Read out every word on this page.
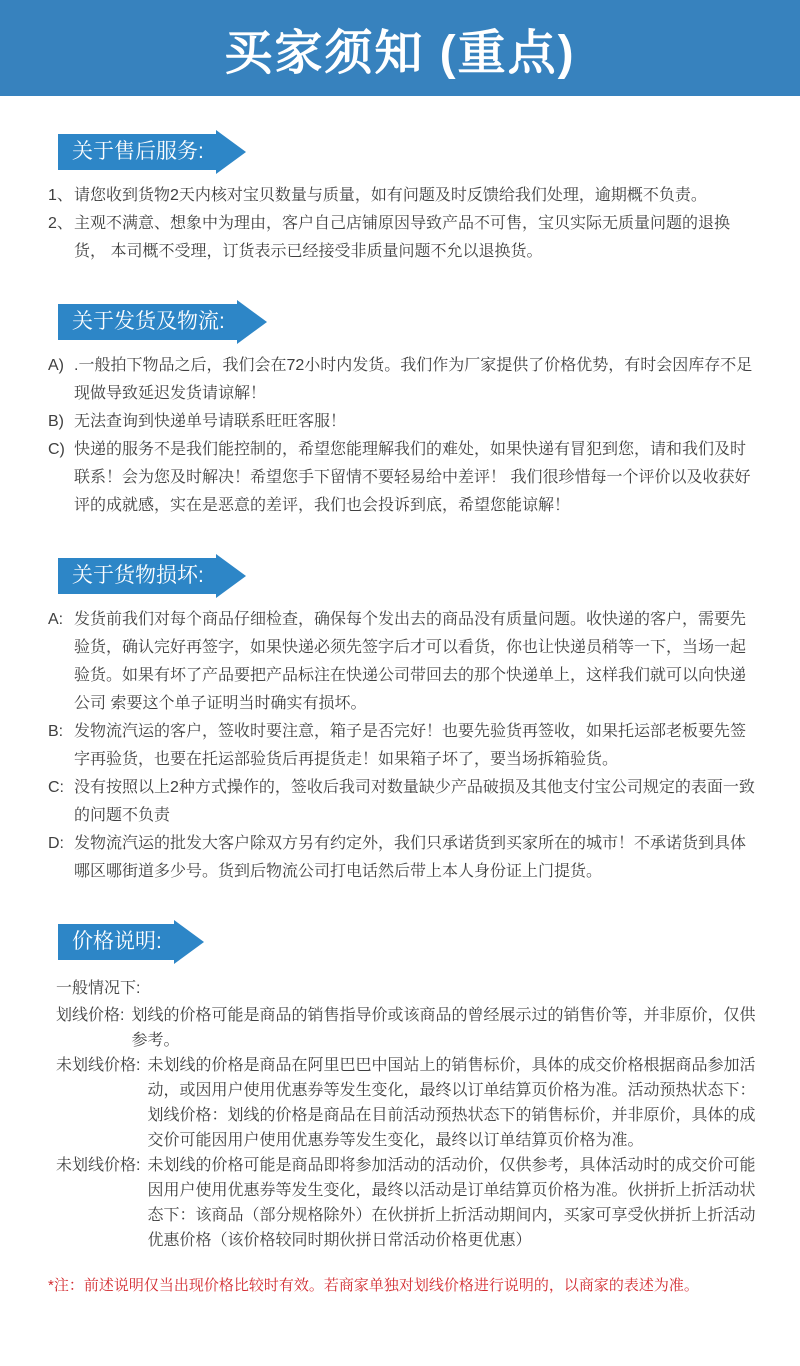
买家须知 (重点)
关于售后服务:
1、 请您收到货物2天内核对宝贝数量与质量，如有问题及时反馈给我们处理，逾期概不负责。
2、 主观不满意、想象中为理由，客户自己店铺原因导致产品不可售，宝贝实际无质量问题的退换货， 本司概不受理，订货表示已经接受非质量问题不允以退换货。
关于发货及物流:
A) .一般拍下物品之后，我们会在72小时内发货。我们作为厂家提供了价格优势，有时会因库存不足现做导致延迟发货请谅解！
B) 无法查询到快递单号请联系旺旺客服！
C) 快递的服务不是我们能控制的，希望您能理解我们的难处，如果快递有冒犯到您，请和我们及时联系！会为您及时解决！希望您手下留情不要轻易给中差评！ 我们很珍惜每一个评价以及收获好评的成就感，实在是恶意的差评，我们也会投诉到底，希望您能谅解！
关于货物损坏:
A: 发货前我们对每个商品仔细检查，确保每个发出去的商品没有质量问题。收快递的客户，需要先验货，确认完好再签字，如果快递必须先签字后才可以看货，你也让快递员稍等一下，当场一起验货。如果有坏了产品要把产品标注在快递公司带回去的那个快递单上，这样我们就可以向快递公司 索要这个单子证明当时确实有损坏。
B: 发物流汽运的客户，签收时要注意，箱子是否完好！也要先验货再签收，如果托运部老板要先签字再验货，也要在托运部验货后再提货走！如果箱子坏了，要当场拆箱验货。
C: 没有按照以上2种方式操作的，签收后我司对数量缺少产品破损及其他支付宝公司规定的表面一致的问题不负责
D: 发物流汽运的批发大客户除双方另有约定外，我们只承诺货到买家所在的城市！不承诺货到具体哪区哪街道多少号。货到后物流公司打电话然后带上本人身份证上门提货。
价格说明:
一般情况下:
划线价格: 划线的价格可能是商品的销售指导价或该商品的曾经展示过的销售价等，并非原价，仅供参考。
未划线价格: 未划线的价格是商品在阿里巴巴中国站上的销售标价，具体的成交价格根据商品参加活动，或因用户使用优惠券等发生变化，最终以订单结算页价格为准。活动预热状态下：划线价格：划线的价格是商品在目前活动预热状态下的销售标价，并非原价，具体的成交价可能因用户使用优惠券等发生变化，最终以订单结算页价格为准。
未划线价格: 未划线的价格可能是商品即将参加活动的活动价，仅供参考，具体活动时的成交价可能因用户使用优惠券等发生变化，最终以活动是订单结算页价格为准。伙拼折上折活动状态下：该商品（部分规格除外）在伙拼折上折活动期间内，买家可享受伙拼折上折活动优惠价格（该价格较同时期伙拼日常活动价格更优惠）
*注：前述说明仅当出现价格比较时有效。若商家单独对划线价格进行说明的，以商家的表述为准。
